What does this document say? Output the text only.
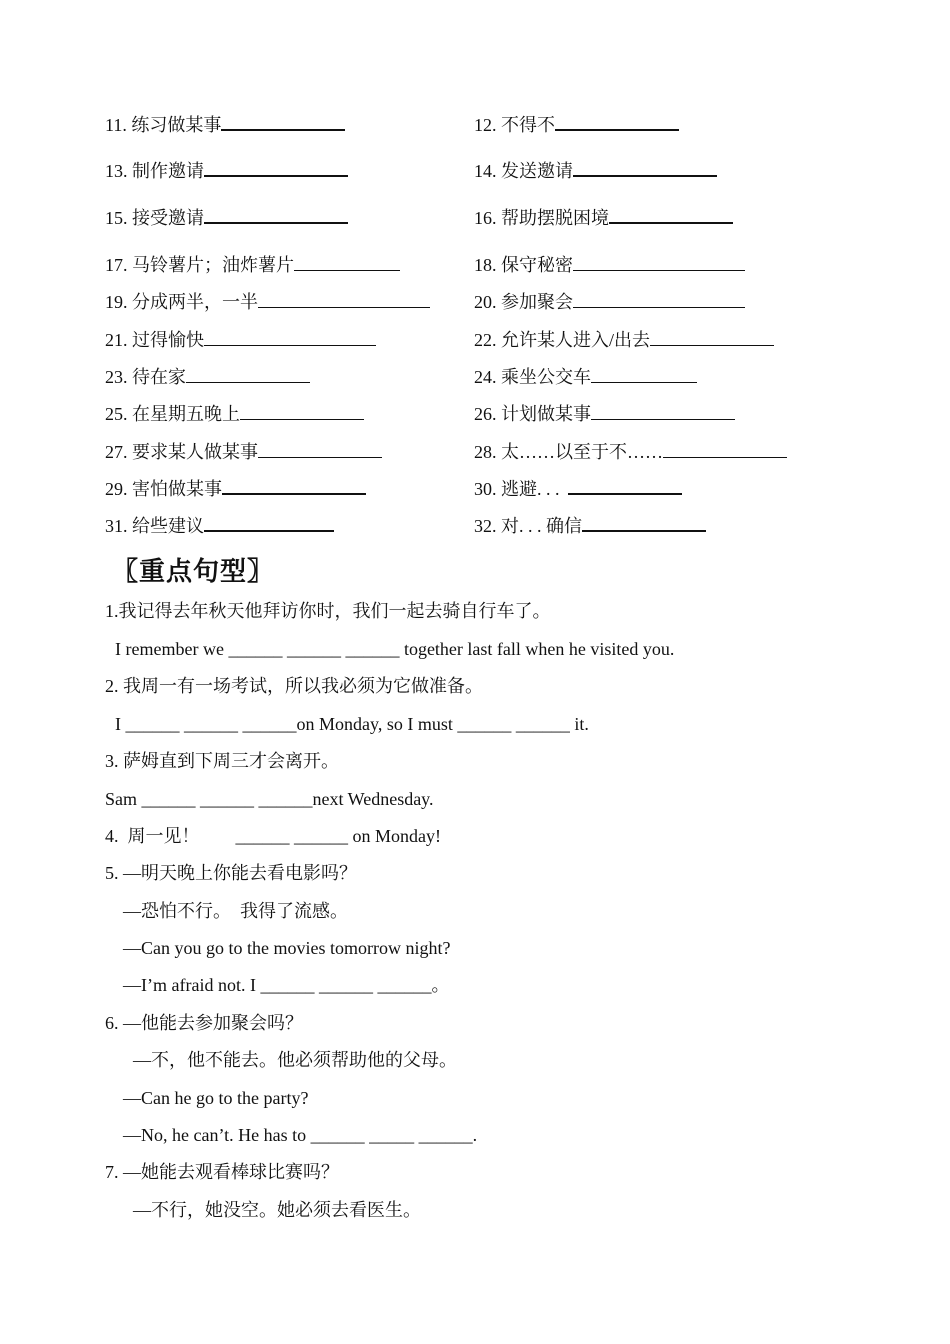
11. 练习做某事	12. 不得不
13. 制作邀请	14. 发送邀请
15. 接受邀请	16. 帮助摆脱困境
17. 马铃薯片；油炸薯片	18. 保守秘密
19. 分成两半，一半	20. 参加聚会
21. 过得愉快	22. 允许某人进入/出去
23. 待在家	24. 乘坐公交车
25. 在星期五晚上	26. 计划做某事
27. 要求某人做某事	28. 太……以至于不……
29. 害怕做某事	30. 逃避. . .
31. 给些建议	32. 对. . . 确信
〖重点句型〗
1.我记得去年秋天他拜访你时，我们一起去骑自行车了。
I remember we ______ ______ ______ together last fall when he visited you.
2. 我周一有一场考试，所以我必须为它做准备。
I ______ ______ ______on Monday, so I must ______ ______ it.
3. 萨姆直到下周三才会离开。
Sam ______ ______ ______next Wednesday.
4.  周一见！        ______ ______ on Monday!
5. —明天晚上你能去看电影吗？
—恐怕不行。  我得了流感。
—Can you go to the movies tomorrow night?
—I’m afraid not. I ______ ______ ______。
6. —他能去参加聚会吗？
—不，他不能去。他必须帮助他的父母。
—Can he go to the party?
—No, he can’t. He has to ______ _____ ______.
7. —她能去观看棒球比赛吗？
—不行，她没空。她必须去看医生。
